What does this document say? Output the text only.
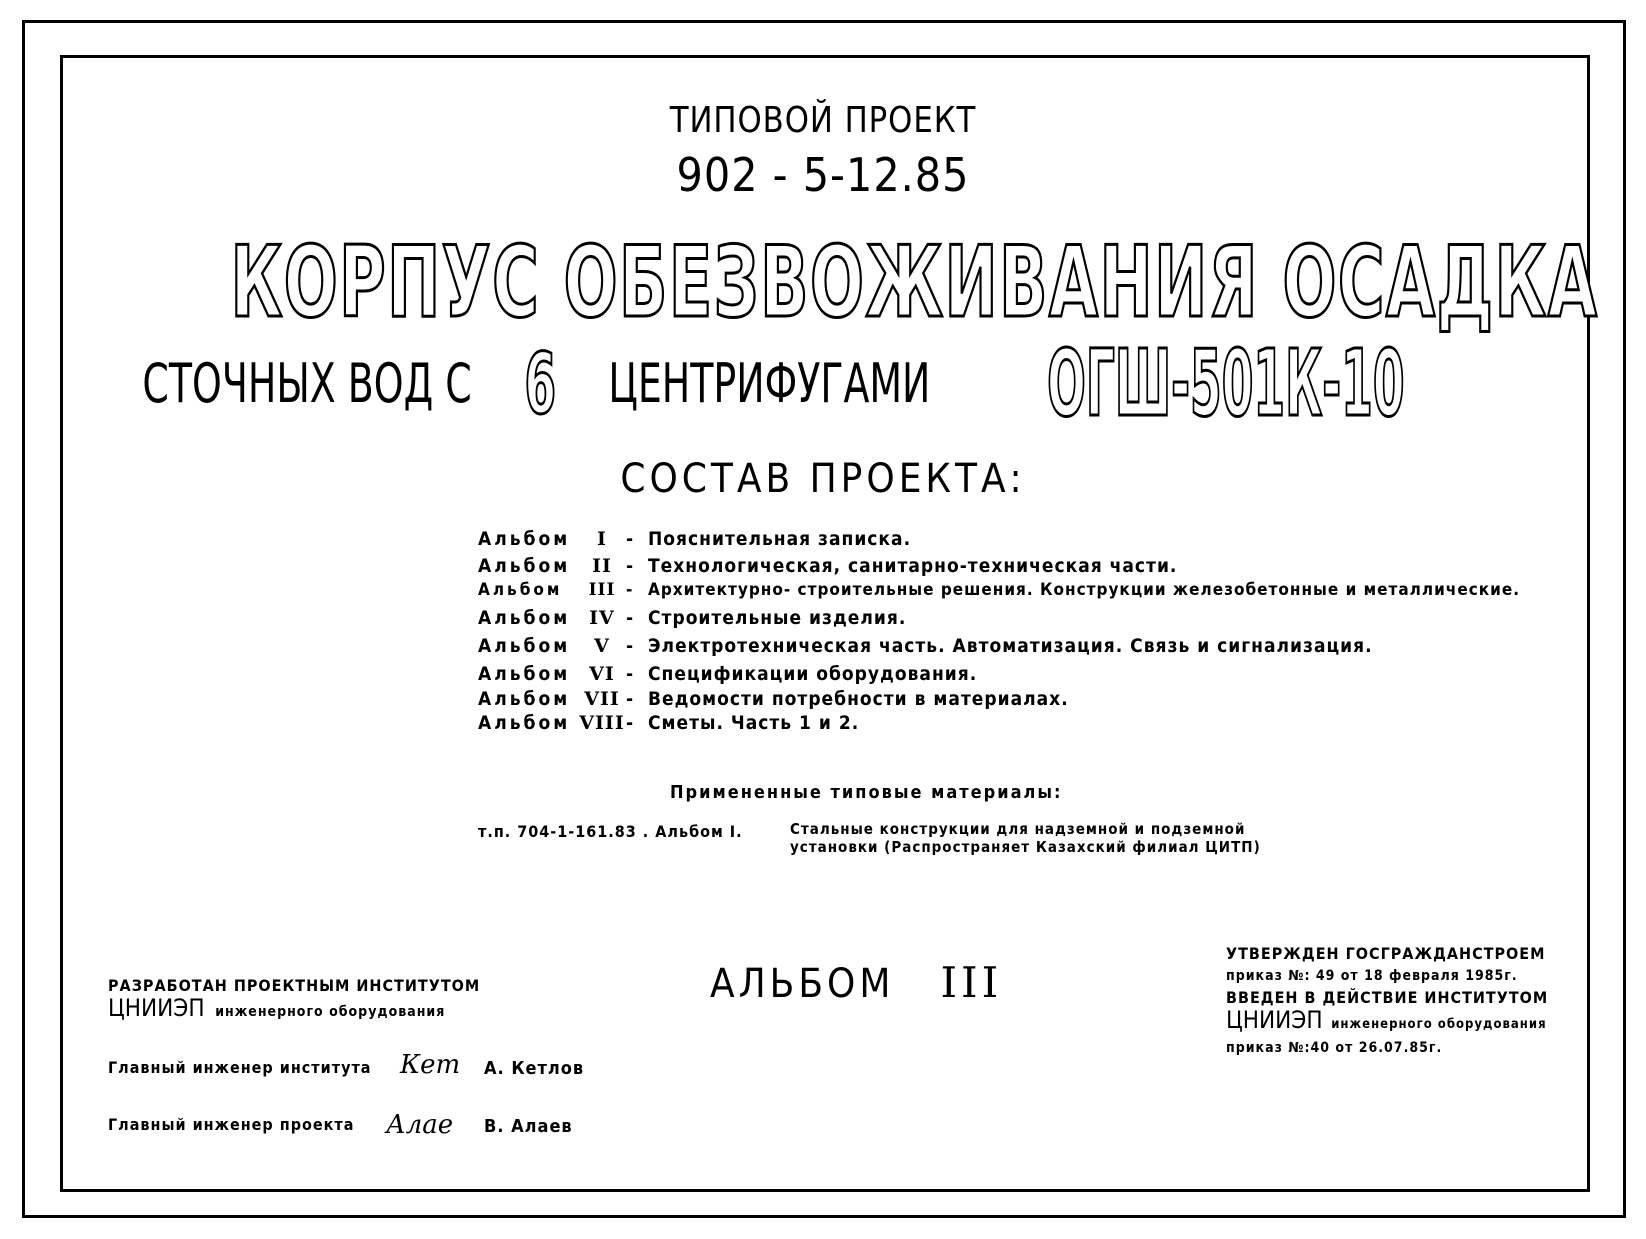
ТИПОВОЙ ПРОЕКТ
902 - 5-12.85
КОРПУС ОБЕЗВОЖИВАНИЯ ОСАДКА
СТОЧНЫХ ВОД С 6 ЦЕНТРИФУГАМИ ОГШ-501К-10
СОСТАВ ПРОЕКТА:
Альбом I - Пояснительная записка.
Альбом II - Технологическая, санитарно-техническая части.
Альбом III - Архитектурно- строительные решения. Конструкции железобетонные и металлические.
Альбом IV - Строительные изделия.
Альбом V - Электротехническая часть. Автоматизация. Связь и сигнализация.
Альбом VI - Спецификации оборудования.
Альбом VII - Ведомости потребности в материалах.
Альбом VIII- Сметы. Часть 1 и 2.
Примененные типовые материалы:
т.п. 704-1-161.83 . Альбом I.	Стальные конструкции для надземной и подземной
установки (Распространяет Казахский филиал ЦИТП)
РАЗРАБОТАН ПРОЕКТНЫМ ИНСТИТУТОМ
ЦНИИЭП инженерного оборудования
Главный инженер института Кет А. Кетлов
Главный инженер проекта Алае В. Алаев
АЛЬБОМ III
УТВЕРЖДЕН ГОСГРАЖДАНСТРОЕМ
приказ №: 49 от 18 февраля 1985г.
ВВЕДЕН В ДЕЙСТВИЕ ИНСТИТУТОМ
ЦНИИЭП инженерного оборудования
приказ №:40 от 26.07.85г.
